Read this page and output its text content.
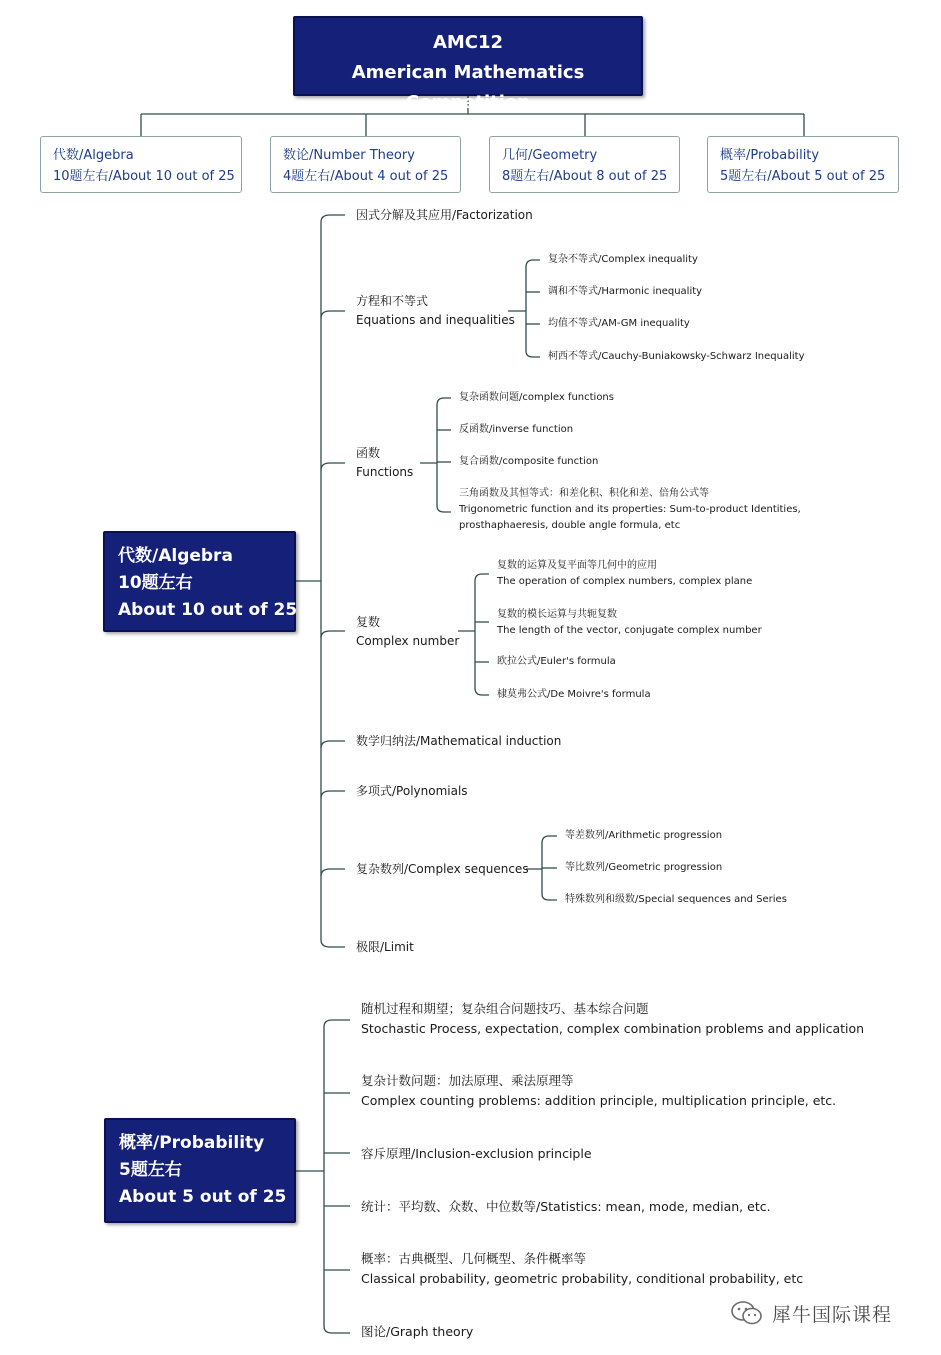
AMC12
American Mathematics Competition
代数/Algebra
10题左右/About 10 out of 25
数论/Number Theory
4题左右/About 4 out of 25
几何/Geometry
8题左右/About 8 out of 25
概率/Probability
5题左右/About 5 out of 25
代数/Algebra
10题左右
About 10 out of 25
因式分解及其应用/Factorization
方程和不等式
Equations and inequalities
复杂不等式/Complex inequality
调和不等式/Harmonic inequality
均值不等式/AM-GM inequality
柯西不等式/Cauchy-Buniakowsky-Schwarz Inequality
函数
Functions
复杂函数问题/complex functions
反函数/inverse function
复合函数/composite function
三角函数及其恒等式：和差化积、积化和差、倍角公式等
Trigonometric function and its properties: Sum-to-product Identities,
prosthaphaeresis, double angle formula, etc
复数
Complex number
复数的运算及复平面等几何中的应用
The operation of complex numbers, complex plane
复数的模长运算与共轭复数
The length of the vector, conjugate complex number
欧拉公式/Euler's formula
棣莫弗公式/De Moivre's formula
数学归纳法/Mathematical induction
多项式/Polynomials
复杂数列/Complex sequences
等差数列/Arithmetic progression
等比数列/Geometric progression
特殊数列和级数/Special sequences and Series
极限/Limit
概率/Probability
5题左右
About 5 out of 25
随机过程和期望；复杂组合问题技巧、基本综合问题
Stochastic Process, expectation, complex combination problems and application
复杂计数问题：加法原理、乘法原理等
Complex counting problems: addition principle, multiplication principle, etc.
容斥原理/Inclusion-exclusion principle
统计：平均数、众数、中位数等/Statistics: mean, mode, median, etc.
概率：古典概型、几何概型、条件概率等
Classical probability, geometric probability, conditional probability, etc
图论/Graph theory
犀牛国际课程
